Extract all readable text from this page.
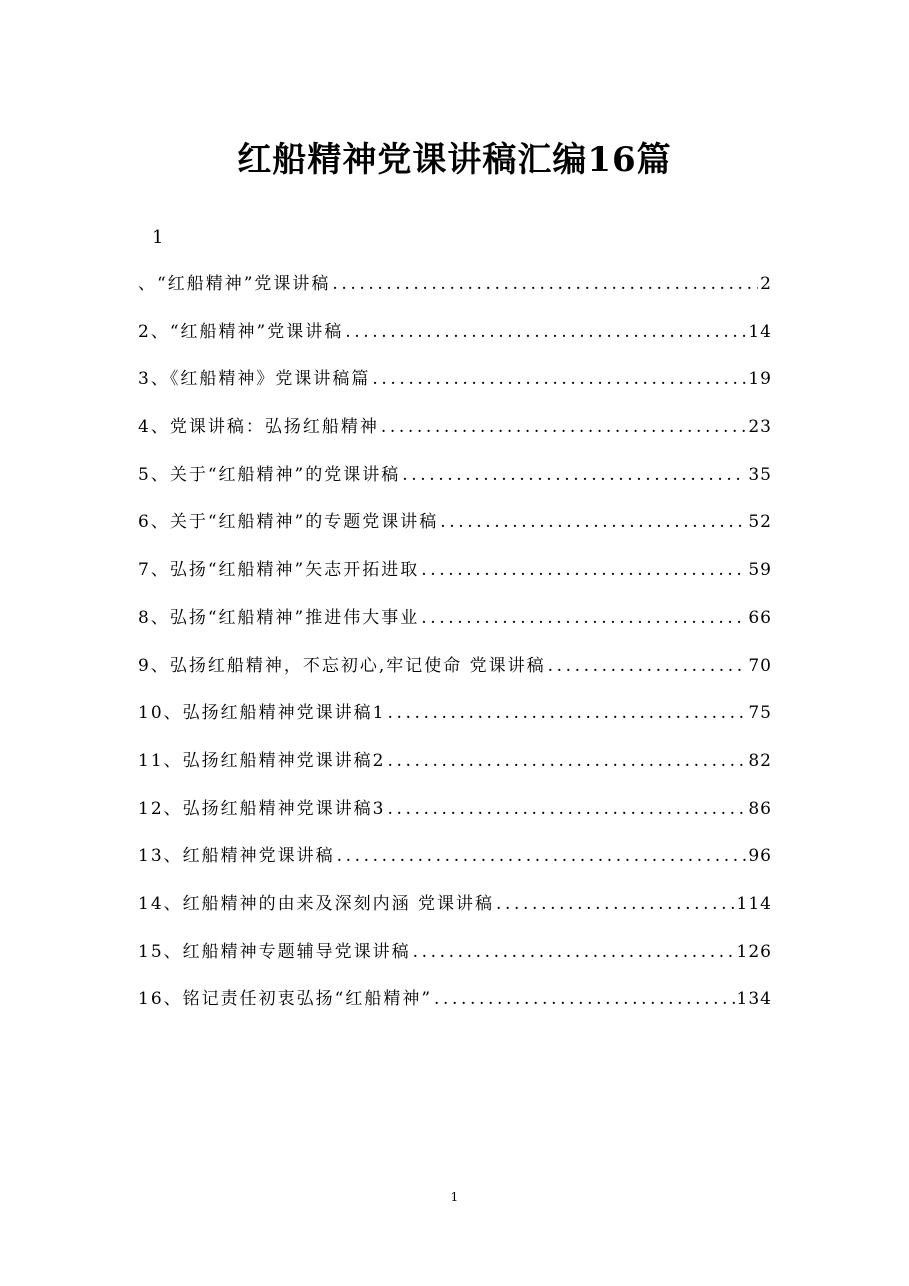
红船精神党课讲稿汇编16篇
1
、“红船精神”党课讲稿 .....	2
2、“红船精神”党课讲稿 .....	14
3、《红船精神》党课讲稿篇 .....	19
4、党课讲稿：弘扬红船精神 .....	23
5、关于“红船精神”的党课讲稿 .....	35
6、关于“红船精神”的专题党课讲稿 .....	52
7、弘扬“红船精神”矢志开拓进取 .....	59
8、弘扬“红船精神”推进伟大事业 .....	66
9、弘扬红船精神，不忘初心,牢记使命 党课讲稿 .....	70
10、弘扬红船精神党课讲稿1 .....	75
11、弘扬红船精神党课讲稿2 .....	82
12、弘扬红船精神党课讲稿3 .....	86
13、红船精神党课讲稿 .....	96
14、红船精神的由来及深刻内涵 党课讲稿 .....	114
15、红船精神专题辅导党课讲稿 .....	126
16、铭记责任初衷弘扬“红船精神” .....	134
1
